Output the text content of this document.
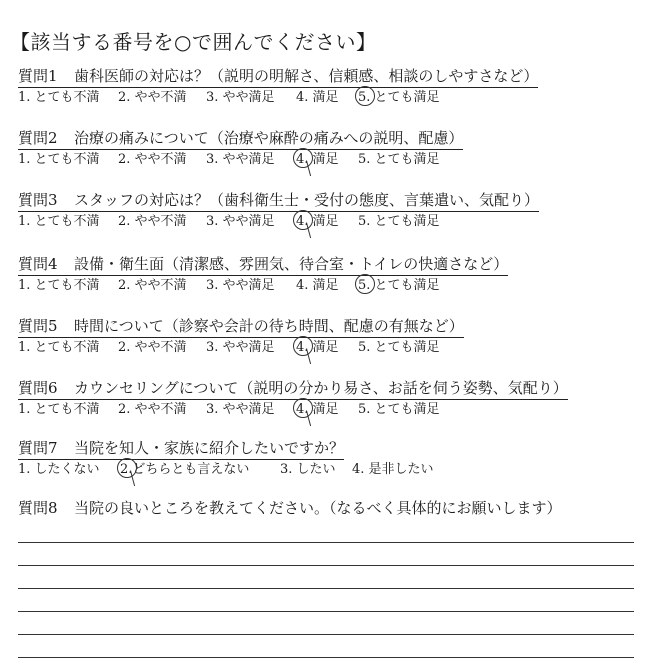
【該当する番号を○で囲んでください】
質問1 歯科医師の対応は？（説明の明解さ、信頼感、相談のしやすさなど）
1. とても不満	2. やや不満	3. やや満足	4. 満足	5. とても満足
質問2 治療の痛みについて（治療や麻酔の痛みへの説明、配慮）
1. とても不満	2. やや不満	3. やや満足	4. 満足	5. とても満足
質問3 スタッフの対応は？（歯科衛生士・受付の態度、言葉遣い、気配り）
1. とても不満	2. やや不満	3. やや満足	4. 満足	5. とても満足
質問4 設備・衛生面（清潔感、雰囲気、待合室・トイレの快適さなど）
1. とても不満	2. やや不満	3. やや満足	4. 満足	5. とても満足
質問5 時間について（診察や会計の待ち時間、配慮の有無など）
1. とても不満	2. やや不満	3. やや満足	4. 満足	5. とても満足
質問6 カウンセリングについて（説明の分かり易さ、お話を伺う姿勢、気配り）
1. とても不満	2. やや不満	3. やや満足	4. 満足	5. とても満足
質問7 当院を知人・家族に紹介したいですか？
1. したくない	2.どちらとも言えない	3. したい	4. 是非したい
質問8 当院の良いところを教えてください。（なるべく具体的にお願いします）
